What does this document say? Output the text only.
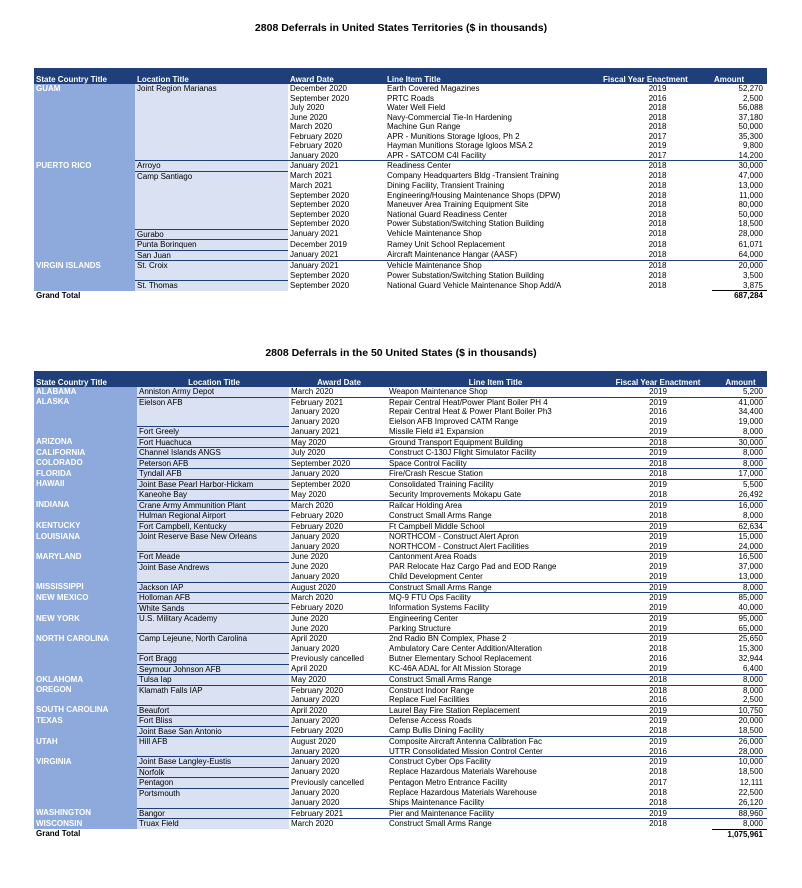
2808 Deferrals in United States Territories ($ in thousands)
State Country Title	Location Title	Award Date	Line Item Title	Fiscal Year Enactment	Amount
GUAM	Joint Region Marianas	December 2020	Earth Covered Magazines	2019	52,270
		September 2020	PRTC Roads	2016	2,500
		July 2020	Water Well Field	2018	56,088
		June 2020	Navy-Commercial Tie-In Hardening	2018	37,180
		March 2020	Machine Gun Range	2018	50,000
		February 2020	APR - Munitions Storage Igloos, Ph 2	2017	35,300
		February 2020	Hayman Munitions Storage Igloos MSA 2	2019	9,800
		January 2020	APR - SATCOM C4I Facility	2017	14,200
PUERTO RICO	Arroyo	January 2021	Readiness Center	2018	30,000
	Camp Santiago	March 2021	Company Headquarters Bldg -Transient Training	2018	47,000
		March 2021	Dining Facility, Transient Training	2018	13,000
		September 2020	Engineering/Housing Maintenance Shops (DPW)	2018	11,000
		September 2020	Maneuver Area Training Equipment Site	2018	80,000
		September 2020	National Guard Readiness Center	2018	50,000
		September 2020	Power Substation/Switching Station Building	2018	18,500
	Gurabo	January 2021	Vehicle Maintenance Shop	2018	28,000
	Punta Borinquen	December 2019	Ramey Unit School Replacement	2018	61,071
	San Juan	January 2021	Aircraft Maintenance Hangar (AASF)	2018	64,000
VIRGIN ISLANDS	St. Croix	January 2021	Vehicle Maintenance Shop	2018	20,000
		September 2020	Power Substation/Switching Station Building	2018	3,500
	St. Thomas	September 2020	National Guard Vehicle Maintenance Shop Add/A	2018	3,875
Grand Total					687,284
2808 Deferrals in the 50 United States ($ in thousands)
State Country Title	Location Title	Award Date	Line Item Title	Fiscal Year Enactment	Amount
ALABAMA	Anniston Army Depot	March 2020	Weapon Maintenance Shop	2019	5,200
ALASKA	Eielson AFB	February 2021	Repair Central Heat/Power Plant Boiler PH 4	2019	41,000
		January 2020	Repair Central Heat & Power Plant Boiler Ph3	2016	34,400
		January 2020	Eielson AFB Improved CATM Range	2019	19,000
	Fort Greely	January 2021	Missile Field #1 Expansion	2019	8,000
ARIZONA	Fort Huachuca	May 2020	Ground Transport Equipment Building	2018	30,000
CALIFORNIA	Channel Islands ANGS	July 2020	Construct C-130J Flight Simulator Facility	2019	8,000
COLORADO	Peterson AFB	September 2020	Space Control Facility	2018	8,000
FLORIDA	Tyndall AFB	January 2020	Fire/Crash Rescue Station	2018	17,000
HAWAII	Joint Base Pearl Harbor-Hickam	September 2020	Consolidated Training Facility	2019	5,500
	Kaneohe Bay	May 2020	Security Improvements Mokapu Gate	2018	26,492
INDIANA	Crane Army Ammunition Plant	March 2020	Railcar Holding Area	2019	16,000
	Hulman Regional Airport	February 2020	Construct Small Arms Range	2018	8,000
KENTUCKY	Fort Campbell, Kentucky	February 2020	Ft Campbell Middle School	2019	62,634
LOUISIANA	Joint Reserve Base New Orleans	January 2020	NORTHCOM - Construct Alert Apron	2019	15,000
		January 2020	NORTHCOM - Construct Alert Facilities	2019	24,000
MARYLAND	Fort Meade	June 2020	Cantonment Area Roads	2019	16,500
	Joint Base Andrews	June 2020	PAR Relocate Haz Cargo Pad and EOD Range	2019	37,000
		January 2020	Child Development Center	2019	13,000
MISSISSIPPI	Jackson IAP	August 2020	Construct Small Arms Range	2019	8,000
NEW MEXICO	Holloman AFB	March 2020	MQ-9 FTU Ops Facility	2019	85,000
	White Sands	February 2020	Information Systems Facility	2019	40,000
NEW YORK	U.S. Military Academy	June 2020	Engineering Center	2019	95,000
		June 2020	Parking Structure	2019	65,000
NORTH CAROLINA	Camp Lejeune, North Carolina	April 2020	2nd Radio BN Complex, Phase 2	2019	25,650
		January 2020	Ambulatory Care Center Addition/Alteration	2018	15,300
	Fort Bragg	Previously cancelled	Butner Elementary School Replacement	2016	32,944
	Seymour Johnson AFB	April 2020	KC-46A ADAL for Alt Mission Storage	2019	6,400
OKLAHOMA	Tulsa Iap	May 2020	Construct Small Arms Range	2018	8,000
OREGON	Klamath Falls IAP	February 2020	Construct Indoor Range	2018	8,000
		January 2020	Replace Fuel Facilities	2016	2,500
SOUTH CAROLINA	Beaufort	April 2020	Laurel Bay Fire Station Replacement	2019	10,750
TEXAS	Fort Bliss	January 2020	Defense Access Roads	2019	20,000
	Joint Base San Antonio	February 2020	Camp Bullis Dining Facility	2018	18,500
UTAH	Hill AFB	August 2020	Composite Aircraft Antenna Calibration Fac	2019	26,000
		January 2020	UTTR Consolidated Mission Control Center	2016	28,000
VIRGINIA	Joint Base Langley-Eustis	January 2020	Construct Cyber Ops Facility	2019	10,000
	Norfolk	January 2020	Replace Hazardous Materials Warehouse	2018	18,500
	Pentagon	Previously cancelled	Pentagon Metro Entrance Facility	2017	12,111
	Portsmouth	January 2020	Replace Hazardous Materials Warehouse	2018	22,500
		January 2020	Ships Maintenance Facility	2018	26,120
WASHINGTON	Bangor	February 2021	Pier and Maintenance Facility	2019	88,960
WISCONSIN	Truax Field	March 2020	Construct Small Arms Range	2018	8,000
Grand Total					1,075,961
